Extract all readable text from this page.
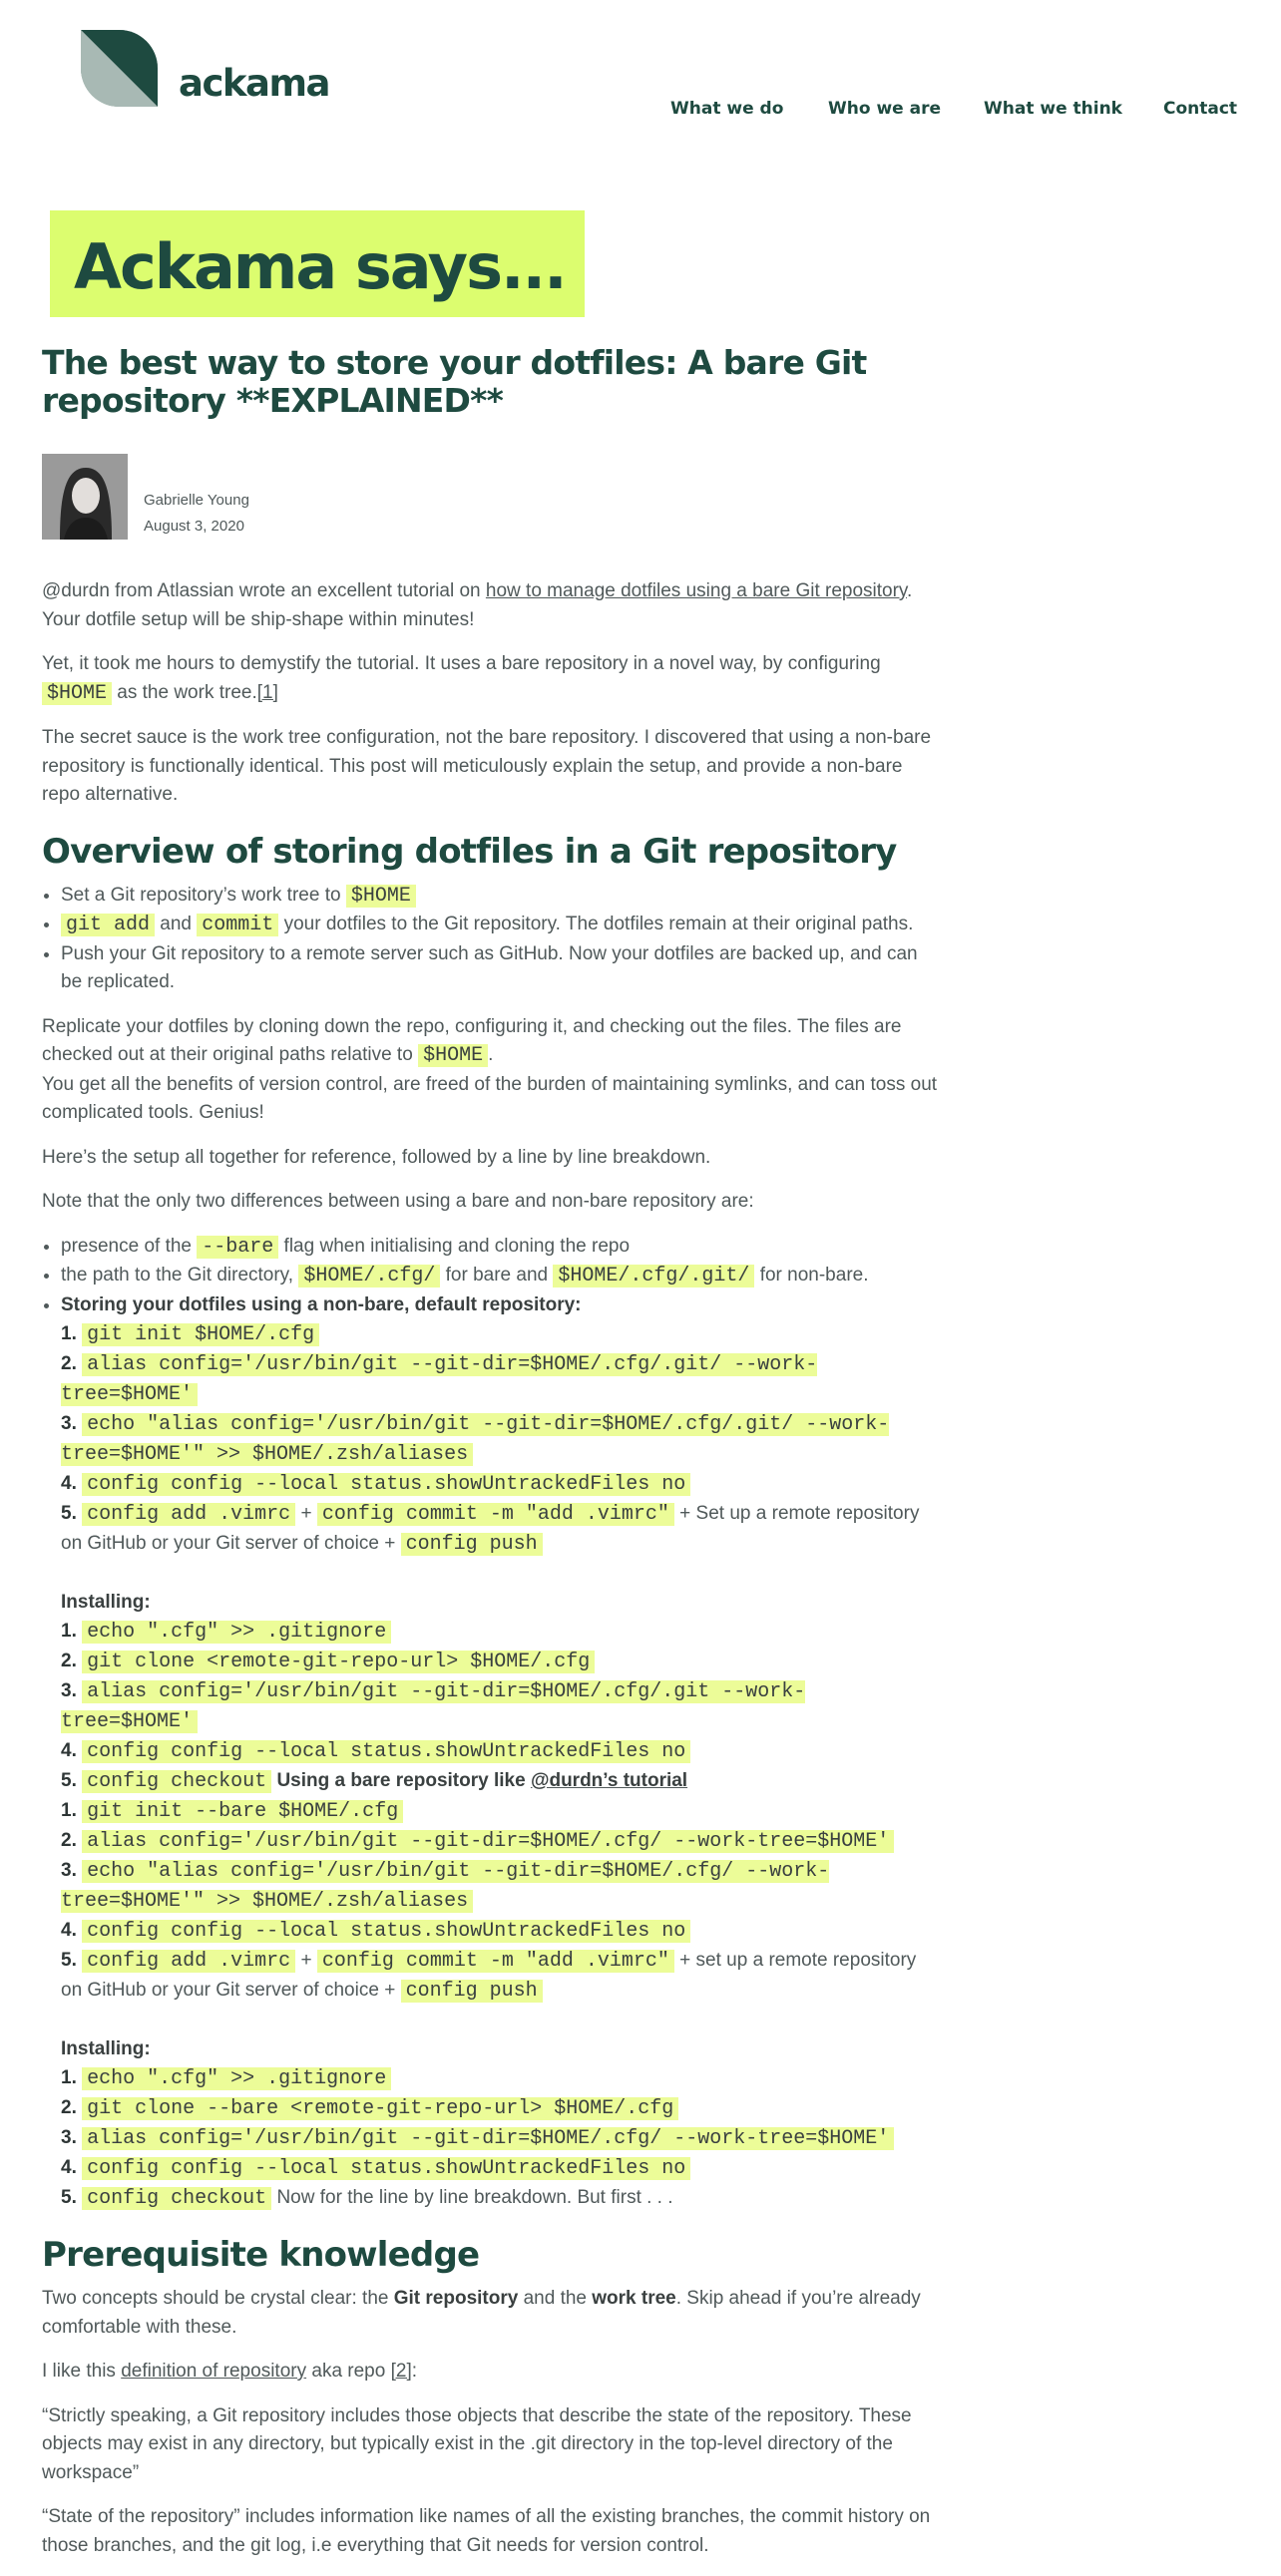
ackama
What we do	Who we are	What we think Contact
Ackama says...
The best way to store your dotfiles: A bare Git repository **EXPLAINED**
Gabrielle Young
August 3, 2020

@durdn from Atlassian wrote an excellent tutorial on how to manage dotfiles using a bare Git repository. Your dotfile setup will be ship-shape within minutes!

Yet, it took me hours to demystify the tutorial. It uses a bare repository in a novel way, by configuring $HOME as the work tree.[1]

The secret sauce is the work tree configuration, not the bare repository. I discovered that using a non-bare repository is functionally identical. This post will meticulously explain the setup, and provide a non-bare repo alternative.

Overview of storing dotfiles in a Git repository
• Set a Git repository’s work tree to $HOME
• git add and commit your dotfiles to the Git repository. The dotfiles remain at their original paths.
• Push your Git repository to a remote server such as GitHub. Now your dotfiles are backed up, and can be replicated.

Replicate your dotfiles by cloning down the repo, configuring it, and checking out the files. The files are checked out at their original paths relative to $HOME .
You get all the benefits of version control, are freed of the burden of maintaining symlinks, and can toss out complicated tools. Genius!

Here’s the setup all together for reference, followed by a line by line breakdown.

Note that the only two differences between using a bare and non-bare repository are:

• presence of the --bare flag when initialising and cloning the repo
• the path to the Git directory, $HOME/.cfg/ for bare and $HOME/.cfg/.git/ for non-bare.
• Storing your dotfiles using a non-bare, default repository:
1. git init $HOME/.cfg
2. alias config='/usr/bin/git --git-dir=$HOME/.cfg/.git/ --work-tree=$HOME'
3. echo "alias config='/usr/bin/git --git-dir=$HOME/.cfg/.git/ --work-tree=$HOME'" >> $HOME/.zsh/aliases
4. config config --local status.showUntrackedFiles no
5. config add .vimrc + config commit -m "add .vimrc" + Set up a remote repository on GitHub or your Git server of choice + config push

Installing:
1. echo ".cfg" >> .gitignore
2. git clone <remote-git-repo-url> $HOME/.cfg
3. alias config='/usr/bin/git --git-dir=$HOME/.cfg/.git --work-tree=$HOME'
4. config config --local status.showUntrackedFiles no
5. config checkout Using a bare repository like @durdn’s tutorial
1. git init --bare $HOME/.cfg
2. alias config='/usr/bin/git --git-dir=$HOME/.cfg/ --work-tree=$HOME'
3. echo "alias config='/usr/bin/git --git-dir=$HOME/.cfg/ --work-tree=$HOME'" >> $HOME/.zsh/aliases
4. config config --local status.showUntrackedFiles no
5. config add .vimrc + config commit -m "add .vimrc" + set up a remote repository on GitHub or your Git server of choice + config push

Installing:
1. echo ".cfg" >> .gitignore
2. git clone --bare <remote-git-repo-url> $HOME/.cfg
3. alias config='/usr/bin/git --git-dir=$HOME/.cfg/ --work-tree=$HOME'
4. config config --local status.showUntrackedFiles no
5. config checkout Now for the line by line breakdown. But first . . .
Prerequisite knowledge

Two concepts should be crystal clear: the Git repository and the work tree. Skip ahead if you’re already comfortable with these.

I like this definition of repository aka repo [2]:

“Strictly speaking, a Git repository includes those objects that describe the state of the repository. These objects may exist in any directory, but typically exist in the .git directory in the top-level directory of the workspace”

“State of the repository” includes information like names of all the existing branches, the commit history on those branches, and the git log, i.e everything that Git needs for version control.
